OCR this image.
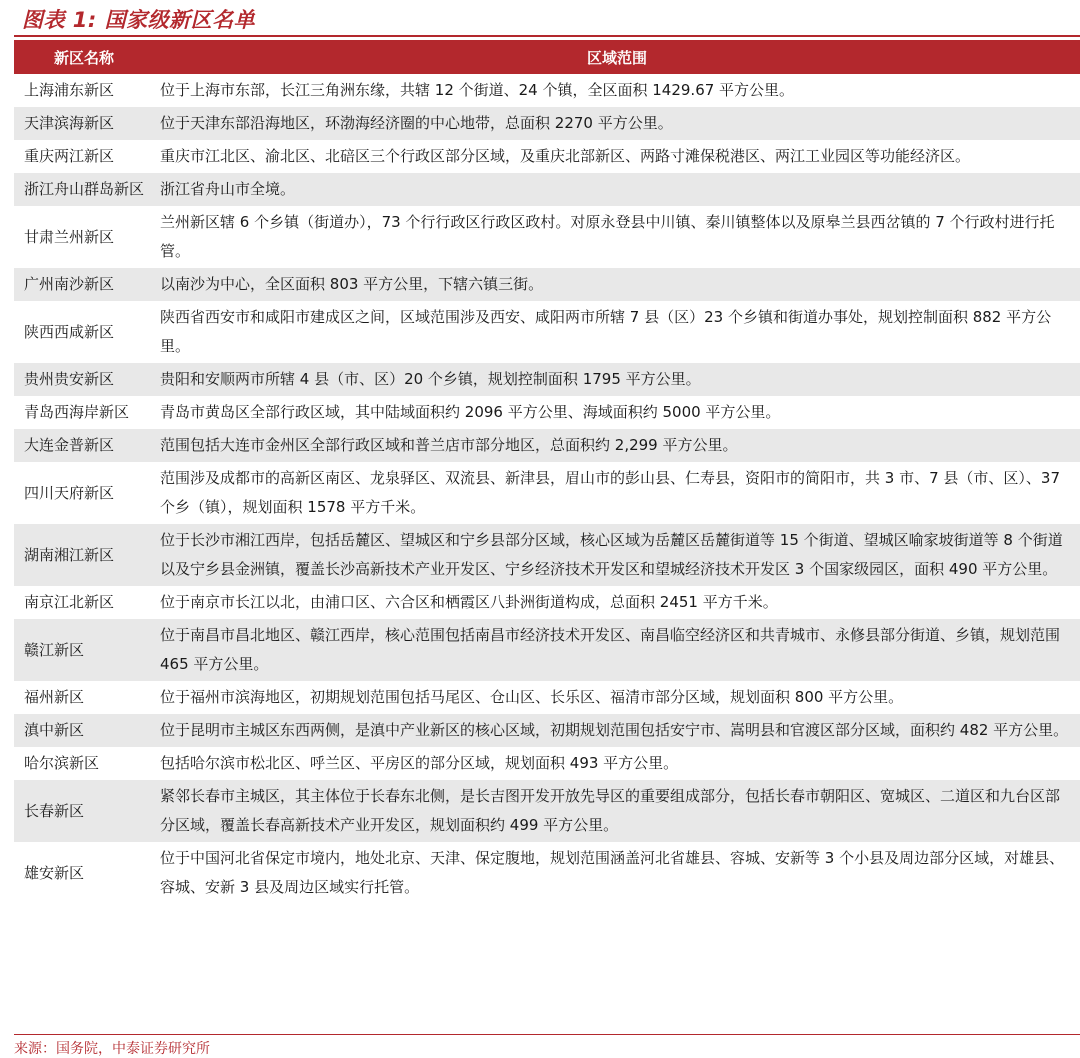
图表 1: 国家级新区名单
新区名称	区域范围
上海浦东新区	位于上海市东部，长江三角洲东缘，共辖 12 个街道、24 个镇，全区面积 1429.67 平方公里。
天津滨海新区	位于天津东部沿海地区，环渤海经济圈的中心地带，总面积 2270 平方公里。
重庆两江新区	重庆市江北区、渝北区、北碚区三个行政区部分区域，及重庆北部新区、两路寸滩保税港区、两江工业园区等功能经济区。
浙江舟山群岛新区	浙江省舟山市全境。
甘肃兰州新区	兰州新区辖 6 个乡镇（街道办），73 个行行政区行政区政村。对原永登县中川镇、秦川镇整体以及原皋兰县西岔镇的 7 个行政村进行托管。
广州南沙新区	以南沙为中心，全区面积 803 平方公里，下辖六镇三街。
陕西西咸新区	陕西省西安市和咸阳市建成区之间，区域范围涉及西安、咸阳两市所辖 7 县（区）23 个乡镇和街道办事处，规划控制面积 882 平方公里。
贵州贵安新区	贵阳和安顺两市所辖 4 县（市、区）20 个乡镇，规划控制面积 1795 平方公里。
青岛西海岸新区	青岛市黄岛区全部行政区域，其中陆域面积约 2096 平方公里、海域面积约 5000 平方公里。
大连金普新区	范围包括大连市金州区全部行政区域和普兰店市部分地区，总面积约 2,299 平方公里。
四川天府新区	范围涉及成都市的高新区南区、龙泉驿区、双流县、新津县，眉山市的彭山县、仁寿县，资阳市的简阳市，共 3 市、7 县（市、区）、37 个乡（镇），规划面积 1578 平方千米。
湖南湘江新区	位于长沙市湘江西岸，包括岳麓区、望城区和宁乡县部分区域，核心区域为岳麓区岳麓街道等 15 个街道、望城区喻家坡街道等 8 个街道以及宁乡县金洲镇，覆盖长沙高新技术产业开发区、宁乡经济技术开发区和望城经济技术开发区 3 个国家级园区，面积 490 平方公里。
南京江北新区	位于南京市长江以北，由浦口区、六合区和栖霞区八卦洲街道构成，总面积 2451 平方千米。
赣江新区	位于南昌市昌北地区、赣江西岸，核心范围包括南昌市经济技术开发区、南昌临空经济区和共青城市、永修县部分街道、乡镇，规划范围 465 平方公里。
福州新区	位于福州市滨海地区，初期规划范围包括马尾区、仓山区、长乐区、福清市部分区域，规划面积 800 平方公里。
滇中新区	位于昆明市主城区东西两侧，是滇中产业新区的核心区域，初期规划范围包括安宁市、嵩明县和官渡区部分区域，面积约 482 平方公里。
哈尔滨新区	包括哈尔滨市松北区、呼兰区、平房区的部分区域，规划面积 493 平方公里。
长春新区	紧邻长春市主城区，其主体位于长春东北侧，是长吉图开发开放先导区的重要组成部分，包括长春市朝阳区、宽城区、二道区和九台区部分区域，覆盖长春高新技术产业开发区，规划面积约 499 平方公里。
雄安新区	位于中国河北省保定市境内，地处北京、天津、保定腹地，规划范围涵盖河北省雄县、容城、安新等 3 个小县及周边部分区域，对雄县、容城、安新 3 县及周边区域实行托管。
来源：国务院，中泰证券研究所
